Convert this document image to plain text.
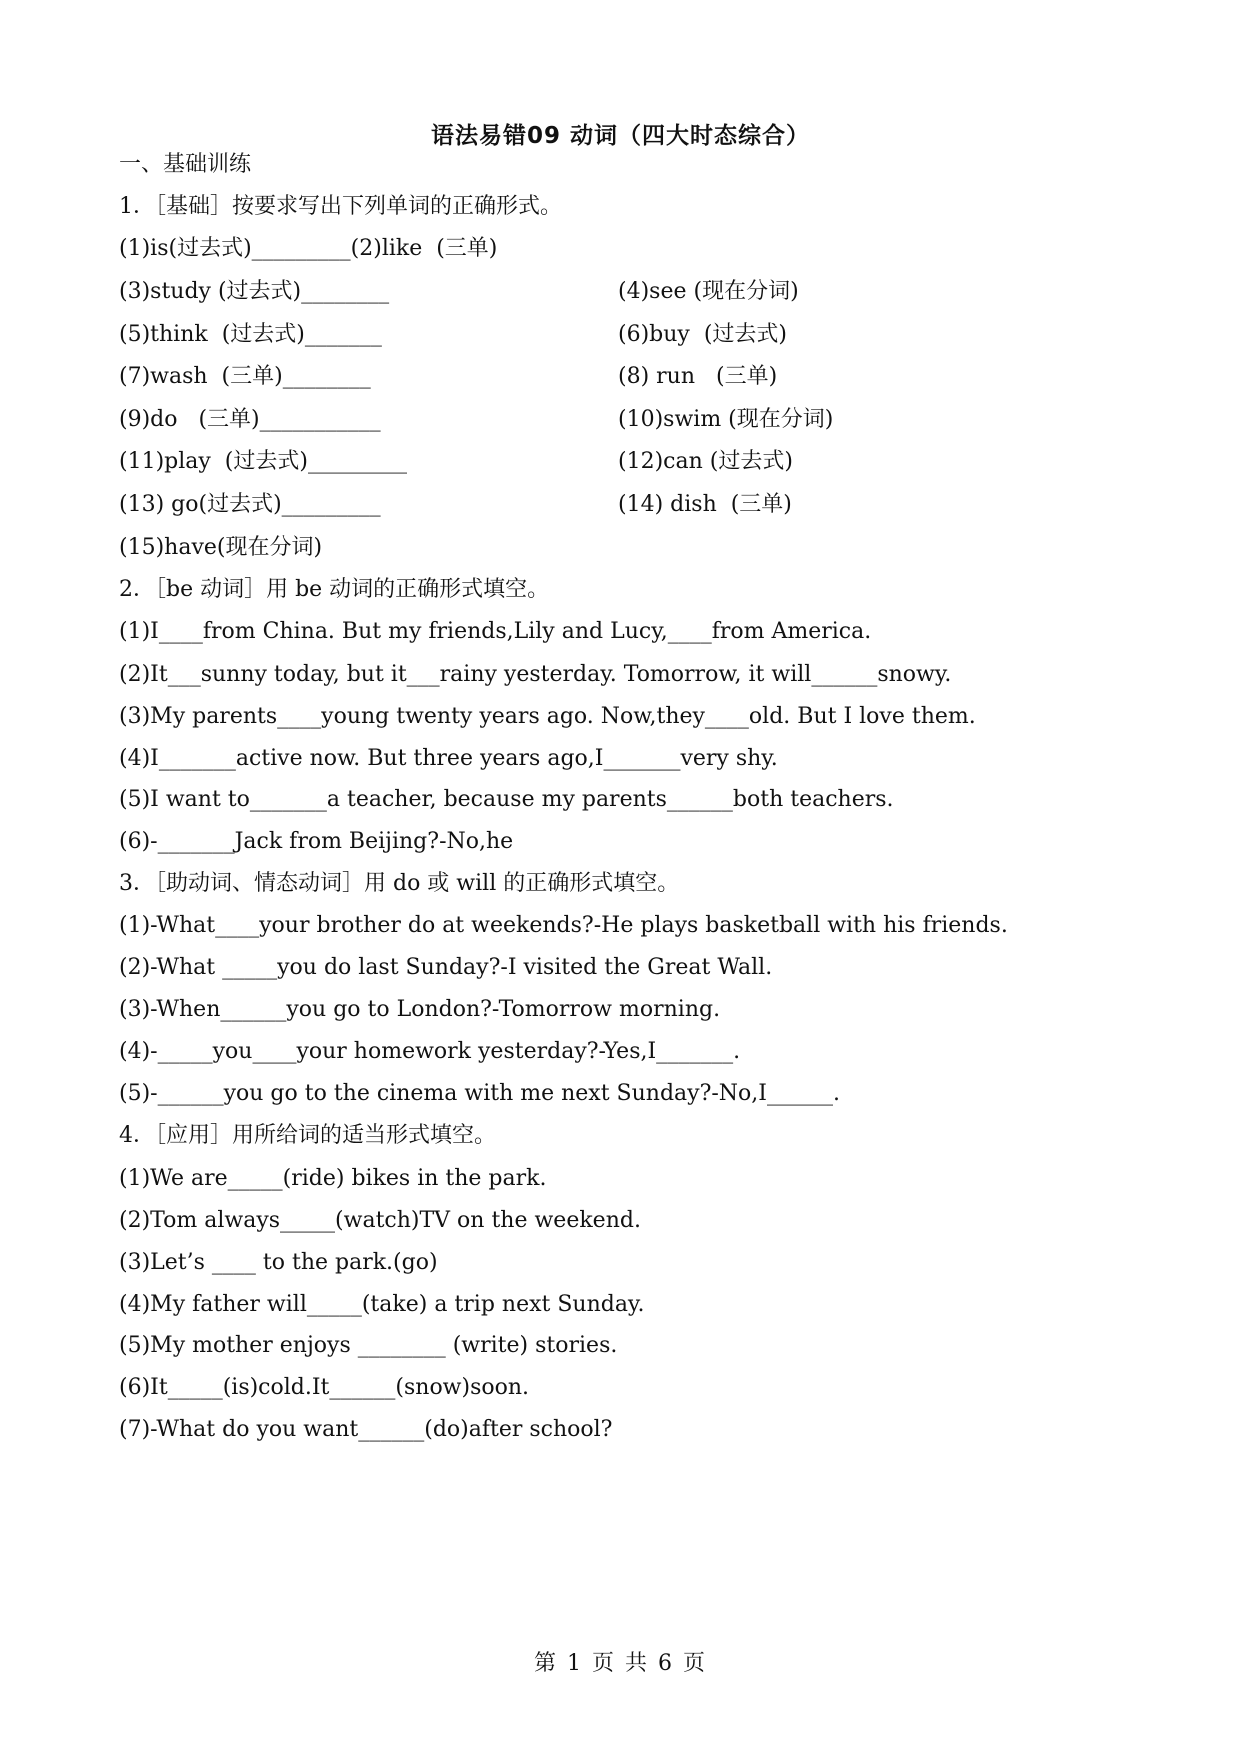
语法易错09 动词（四大时态综合）
一、基础训练
1．［基础］按要求写出下列单词的正确形式。
(1)is(过去式)_________(2)like  (三单)
(3)study (过去式)________	(4)see (现在分词)
(5)think  (过去式)_______	(6)buy  (过去式)
(7)wash  (三单)________	(8) run   (三单)
(9)do   (三单)___________	(10)swim (现在分词)
(11)play  (过去式)_________	(12)can (过去式)
(13) go(过去式)_________	(14) dish  (三单)
(15)have(现在分词)
2．［be 动词］用 be 动词的正确形式填空。
(1)I____from China. But my friends,Lily and Lucy,____from America.
(2)It___sunny today, but it___rainy yesterday. Tomorrow, it will______snowy.
(3)My parents____young twenty years ago. Now,they____old. But I love them.
(4)I_______active now. But three years ago,I_______very shy.
(5)I want to_______a teacher, because my parents______both teachers.
(6)-_______Jack from Beijing?-No,he
3．［助动词、情态动词］用 do 或 will 的正确形式填空。
(1)-What____your brother do at weekends?-He plays basketball with his friends.
(2)-What _____you do last Sunday?-I visited the Great Wall.
(3)-When______you go to London?-Tomorrow morning.
(4)-_____you____your homework yesterday?-Yes,I_______.
(5)-______you go to the cinema with me next Sunday?-No,I______.
4．［应用］用所给词的适当形式填空。
(1)We are_____(ride) bikes in the park.
(2)Tom always_____(watch)TV on the weekend.
(3)Let’s ____ to the park.(go)
(4)My father will_____(take) a trip next Sunday.
(5)My mother enjoys ________ (write) stories.
(6)It_____(is)cold.It______(snow)soon.
(7)-What do you want______(do)after school?
第 1 页 共 6 页
